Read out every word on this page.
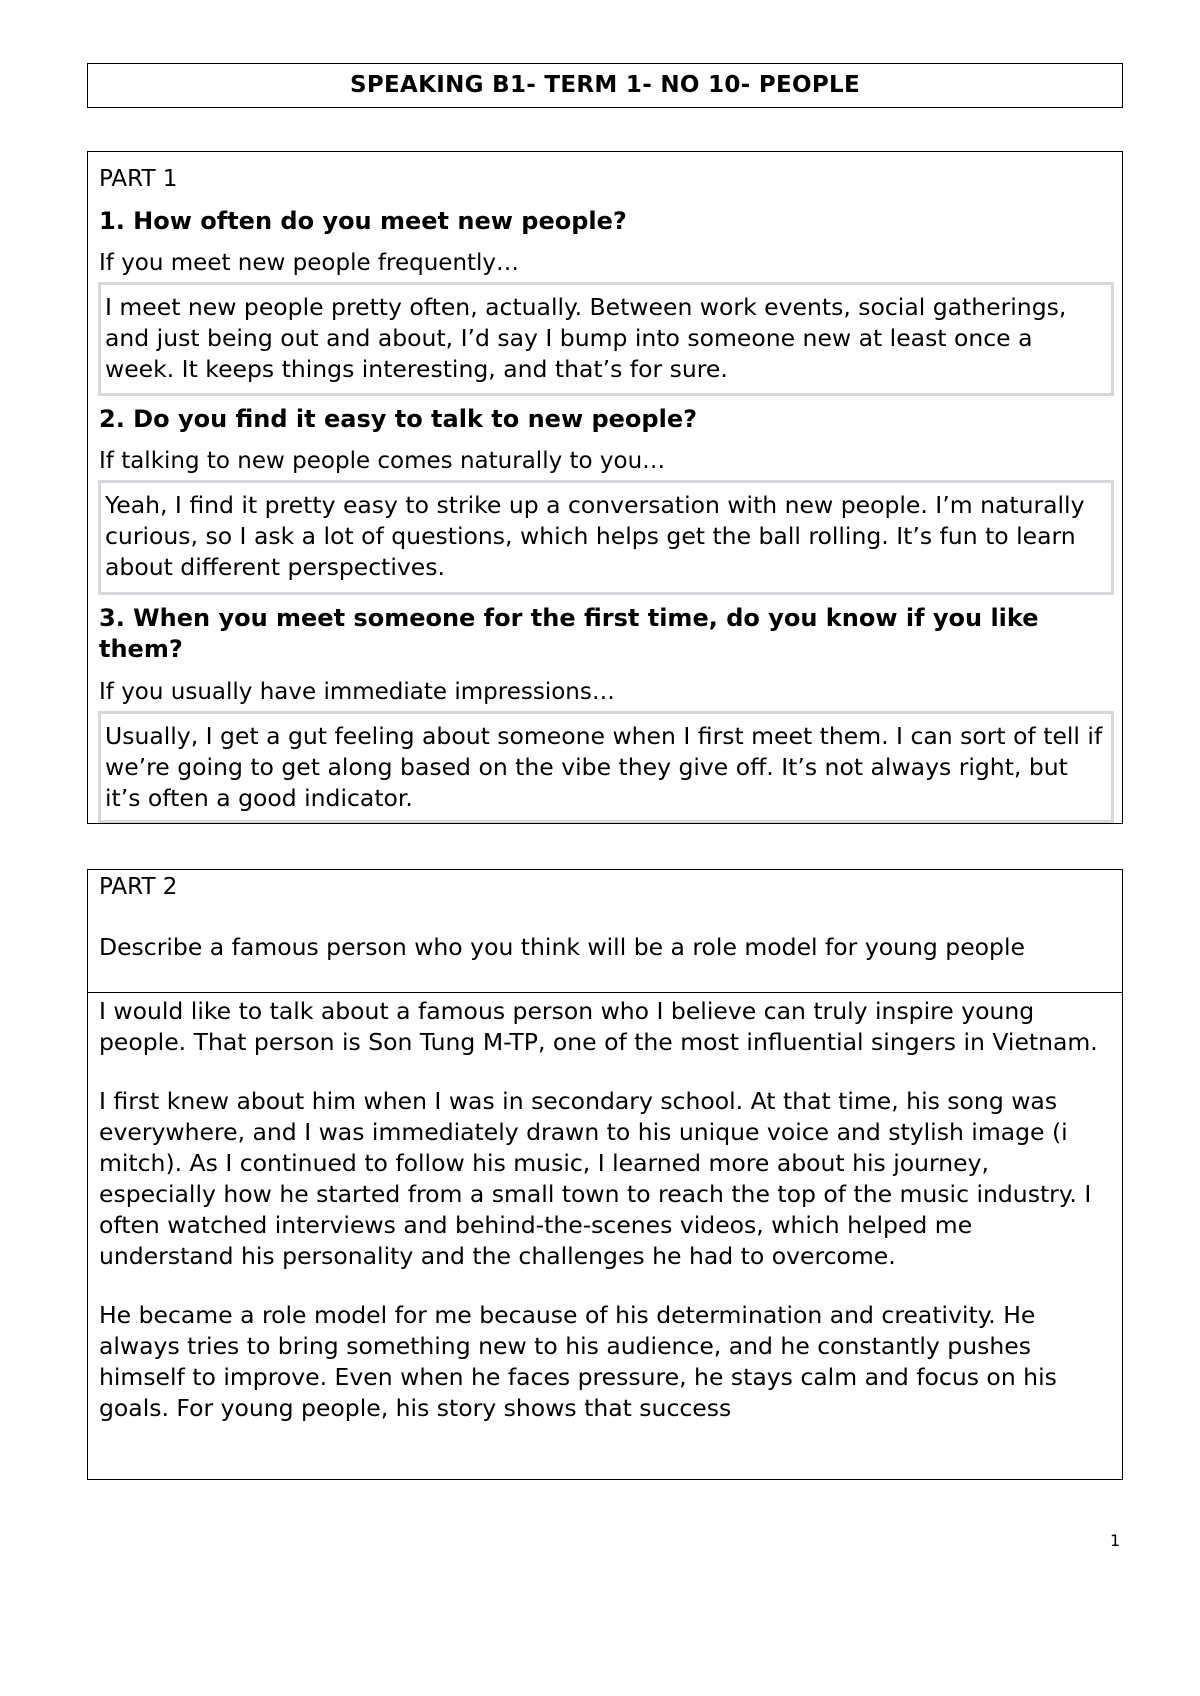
SPEAKING B1- TERM 1- NO 10- PEOPLE
PART 1
1. How often do you meet new people?
If you meet new people frequently…
I meet new people pretty often, actually. Between work events, social gatherings, and just being out and about, I’d say I bump into someone new at least once a week. It keeps things interesting, and that’s for sure.
2. Do you find it easy to talk to new people?
If talking to new people comes naturally to you…
Yeah, I find it pretty easy to strike up a conversation with new people. I’m naturally curious, so I ask a lot of questions, which helps get the ball rolling. It’s fun to learn about different perspectives.
3. When you meet someone for the first time, do you know if you like them?
If you usually have immediate impressions…
Usually, I get a gut feeling about someone when I first meet them. I can sort of tell if we’re going to get along based on the vibe they give off. It’s not always right, but it’s often a good indicator.
PART 2
Describe a famous person who you think will be a role model for young people

I would like to talk about a famous person who I believe can truly inspire young people. That person is Son Tung M-TP, one of the most influential singers in Vietnam.

I first knew about him when I was in secondary school. At that time, his song was everywhere, and I was immediately drawn to his unique voice and stylish image (i mitch). As I continued to follow his music, I learned more about his journey, especially how he started from a small town to reach the top of the music industry. I often watched interviews and behind-the-scenes videos, which helped me understand his personality and the challenges he had to overcome.

He became a role model for me because of his determination and creativity. He always tries to bring something new to his audience, and he constantly pushes himself to improve. Even when he faces pressure, he stays calm and focus on his goals. For young people, his story shows that success

1
